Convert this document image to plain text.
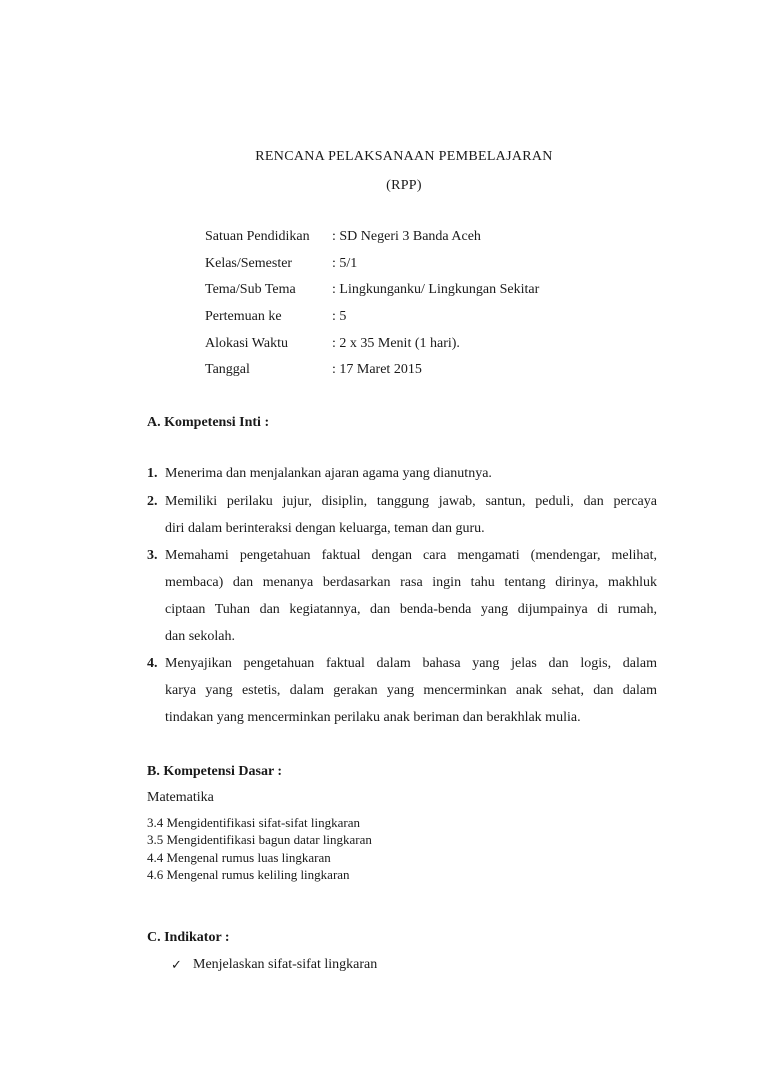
RENCANA PELAKSANAAN PEMBELAJARAN
(RPP)
Satuan Pendidikan : SD Negeri 3 Banda Aceh
Kelas/Semester	: 5/1
Tema/Sub Tema	: Lingkunganku/ Lingkungan Sekitar
Pertemuan ke	: 5
Alokasi Waktu	: 2 x 35 Menit (1 hari).
Tanggal	: 17 Maret 2015
A. Kompetensi Inti :
1. Menerima dan menjalankan ajaran agama yang dianutnya.
2. Memiliki perilaku jujur, disiplin, tanggung jawab, santun, peduli, dan percaya
diri dalam berinteraksi dengan keluarga, teman dan guru.
3. Memahami pengetahuan faktual dengan cara mengamati (mendengar, melihat,
membaca) dan menanya berdasarkan rasa ingin tahu tentang dirinya, makhluk
ciptaan Tuhan dan kegiatannya, dan benda-benda yang dijumpainya di rumah,
dan sekolah.
4. Menyajikan pengetahuan faktual dalam bahasa yang jelas dan logis, dalam
karya yang estetis, dalam gerakan yang mencerminkan anak sehat, dan dalam
tindakan yang mencerminkan perilaku anak beriman dan berakhlak mulia.
B. Kompetensi Dasar :
Matematika
3.4 Mengidentifikasi sifat-sifat lingkaran
3.5 Mengidentifikasi bagun datar lingkaran
4.4 Mengenal rumus luas lingkaran
4.6 Mengenal rumus keliling lingkaran
C. Indikator :
✓ Menjelaskan sifat-sifat lingkaran
